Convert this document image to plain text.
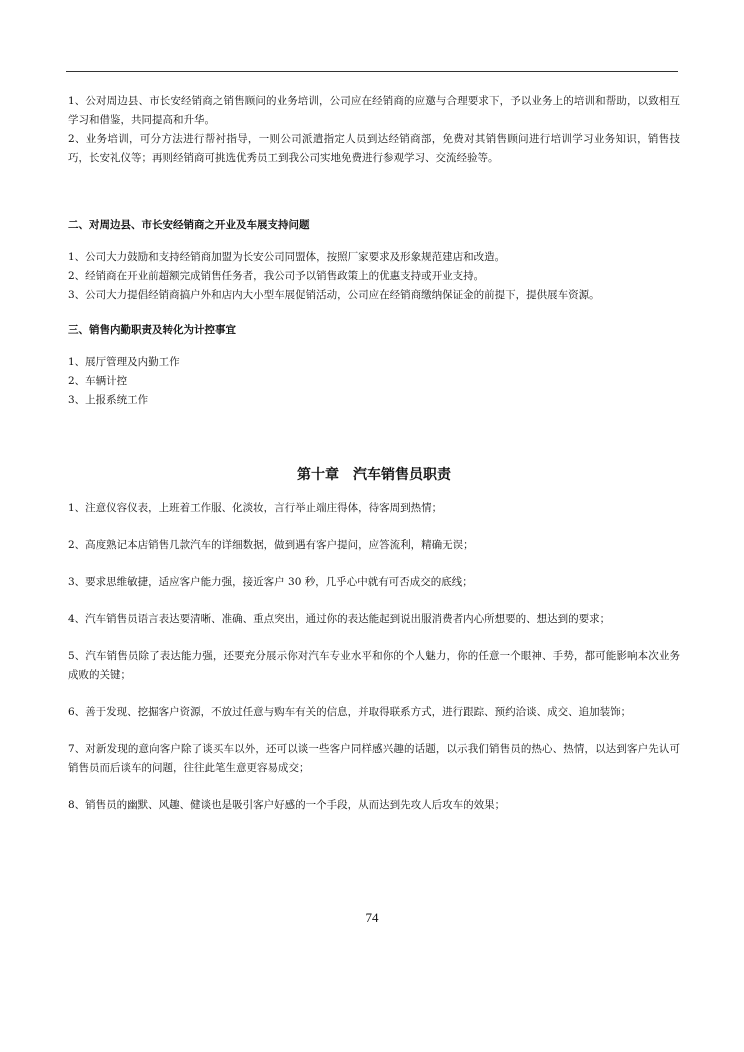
1、公对周边县、市长安经销商之销售顾问的业务培训，公司应在经销商的应邀与合理要求下，予以业务上的培训和帮助，以致相互学习和借鉴，共同提高和升华。

2、业务培训，可分方法进行帮衬指导，一则公司派遣指定人员到达经销商部，免费对其销售顾问进行培训学习业务知识，销售技巧，长安礼仪等；再则经销商可挑选优秀员工到我公司实地免费进行参观学习、交流经验等。

二、对周边县、市长安经销商之开业及车展支持问题

1、公司大力鼓励和支持经销商加盟为长安公司同盟体，按照厂家要求及形象规范建店和改造。

2、经销商在开业前超额完成销售任务者，我公司予以销售政策上的优惠支持或开业支持。

3、公司大力提倡经销商搞户外和店内大小型车展促销活动，公司应在经销商缴纳保证金的前提下，提供展车资源。

三、销售内勤职责及转化为计控事宜

1、展厅管理及内勤工作

2、车辆计控

3、上报系统工作

第十章　汽车销售员职责

1、注意仪容仪表，上班着工作服、化淡妆，言行举止端庄得体，待客周到热情；

2、高度熟记本店销售几款汽车的详细数据，做到遇有客户提问，应答流利，精确无误；

3、要求思维敏捷，适应客户能力强，接近客户 30 秒，几乎心中就有可否成交的底线；

4、汽车销售员语言表达要清晰、准确、重点突出，通过你的表达能起到说出服消费者内心所想要的、想达到的要求；

5、汽车销售员除了表达能力强，还要充分展示你对汽车专业水平和你的个人魅力，你的任意一个眼神、手势，都可能影响本次业务成败的关键；

6、善于发现、挖掘客户资源，不放过任意与购车有关的信息，并取得联系方式，进行跟踪、预约洽谈、成交、追加装饰；

7、对新发现的意向客户除了谈买车以外，还可以谈一些客户同样感兴趣的话题，以示我们销售员的热心、热情，以达到客户先认可销售员而后谈车的问题，往往此笔生意更容易成交；

8、销售员的幽默、风趣、健谈也是吸引客户好感的一个手段，从而达到先攻人后攻车的效果；

74
